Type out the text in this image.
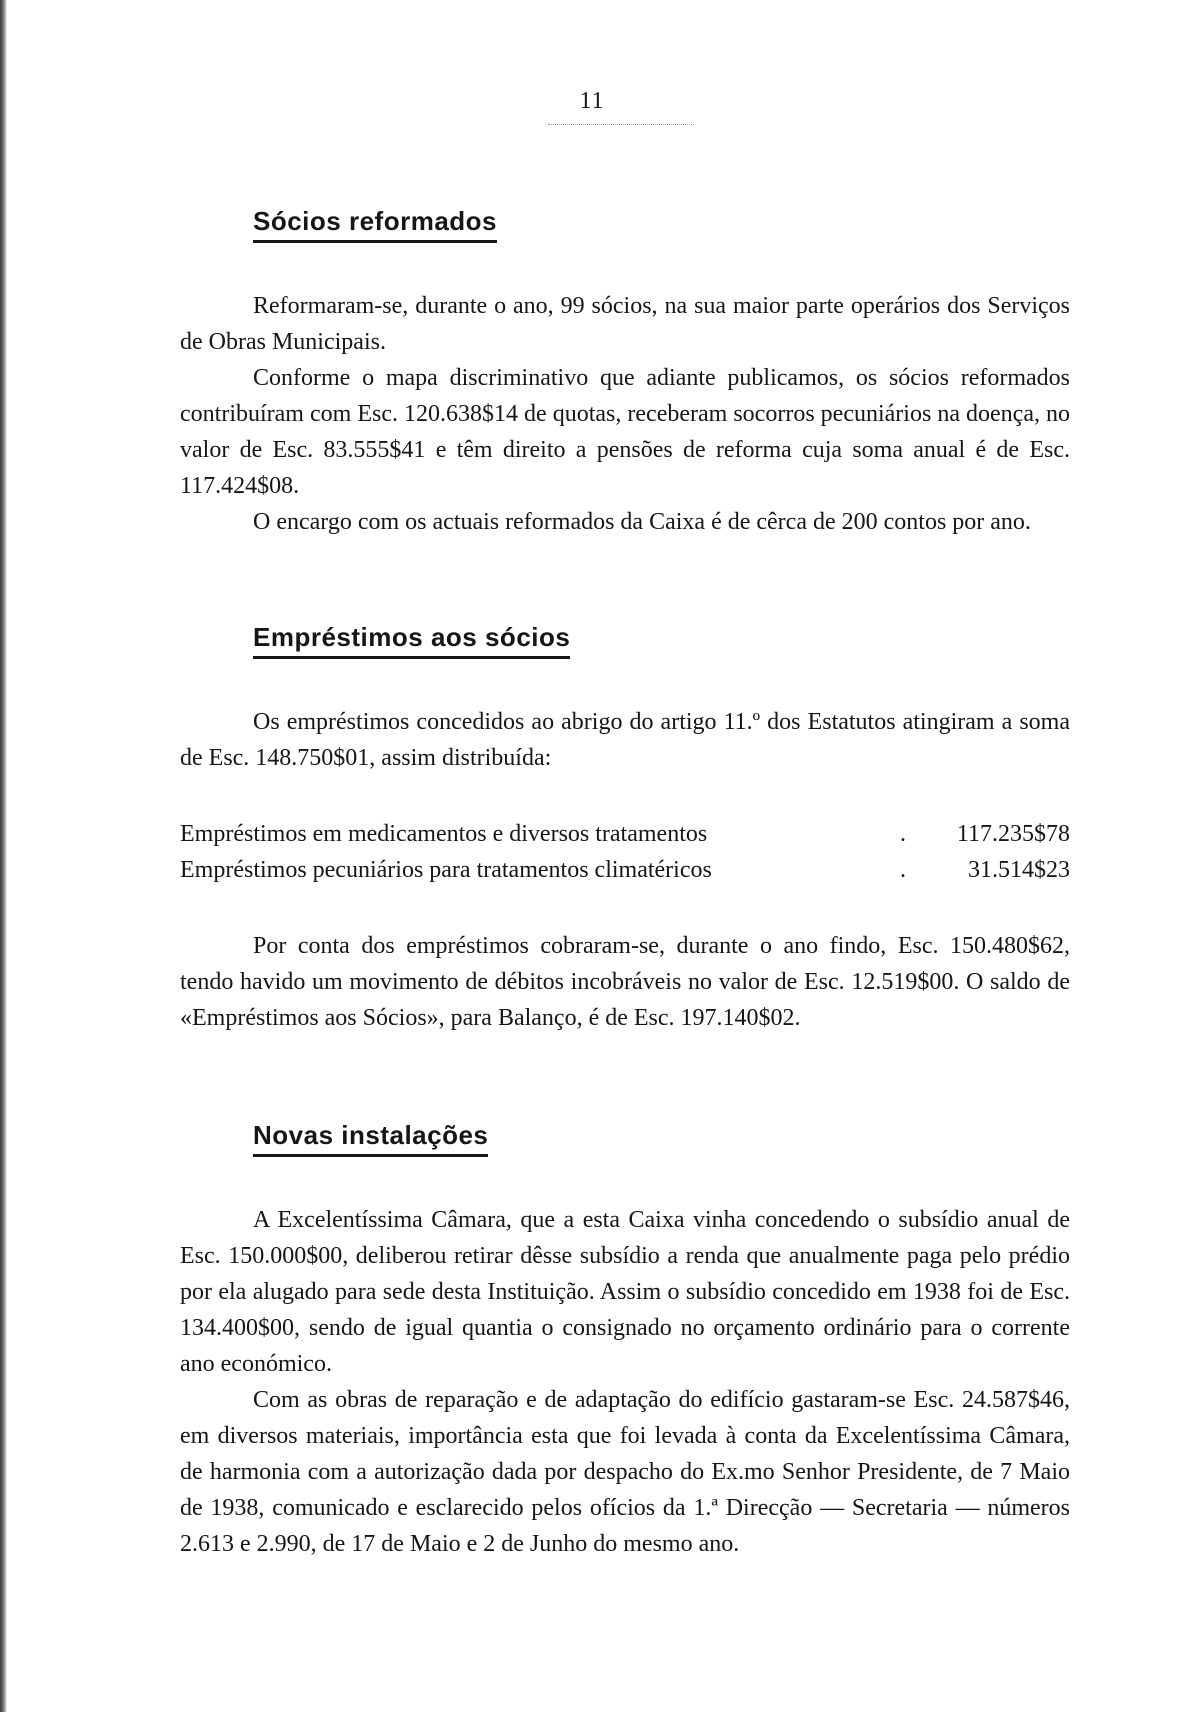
11
Sócios reformados

Reformaram-se, durante o ano, 99 sócios, na sua maior parte operários dos Serviços de Obras Municipais.

Conforme o mapa discriminativo que adiante publicamos, os sócios reformados contribuíram com Esc. 120.638$14 de quotas, receberam socorros pecuniários na doença, no valor de Esc. 83.555$41 e têm direito a pensões de reforma cuja soma anual é de Esc. 117.424$08.

O encargo com os actuais reformados da Caixa é de cêrca de 200 contos por ano.

Empréstimos aos sócios

Os empréstimos concedidos ao abrigo do artigo 11.º dos Estatutos atingiram a soma de Esc. 148.750$01, assim distribuída:

Empréstimos em medicamentos e diversos tratamentos	.	117.235$78
Empréstimos pecuniários para tratamentos climatéricos	.	31.514$23

Por conta dos empréstimos cobraram-se, durante o ano findo, Esc. 150.480$62, tendo havido um movimento de débitos incobráveis no valor de Esc. 12.519$00. O saldo de «Empréstimos aos Sócios», para Balanço, é de Esc. 197.140$02.

Novas instalações

A Excelentíssima Câmara, que a esta Caixa vinha concedendo o subsídio anual de Esc. 150.000$00, deliberou retirar dêsse subsídio a renda que anualmente paga pelo prédio por ela alugado para sede desta Instituição. Assim o subsídio concedido em 1938 foi de Esc. 134.400$00, sendo de igual quantia o consignado no orçamento ordinário para o corrente ano económico.

Com as obras de reparação e de adaptação do edifício gastaram-se Esc. 24.587$46, em diversos materiais, importância esta que foi levada à conta da Excelentíssima Câmara, de harmonia com a autorização dada por despacho do Ex.mo Senhor Presidente, de 7 Maio de 1938, comunicado e esclarecido pelos ofícios da 1.ª Direcção — Secretaria — números 2.613 e 2.990, de 17 de Maio e 2 de Junho do mesmo ano.
